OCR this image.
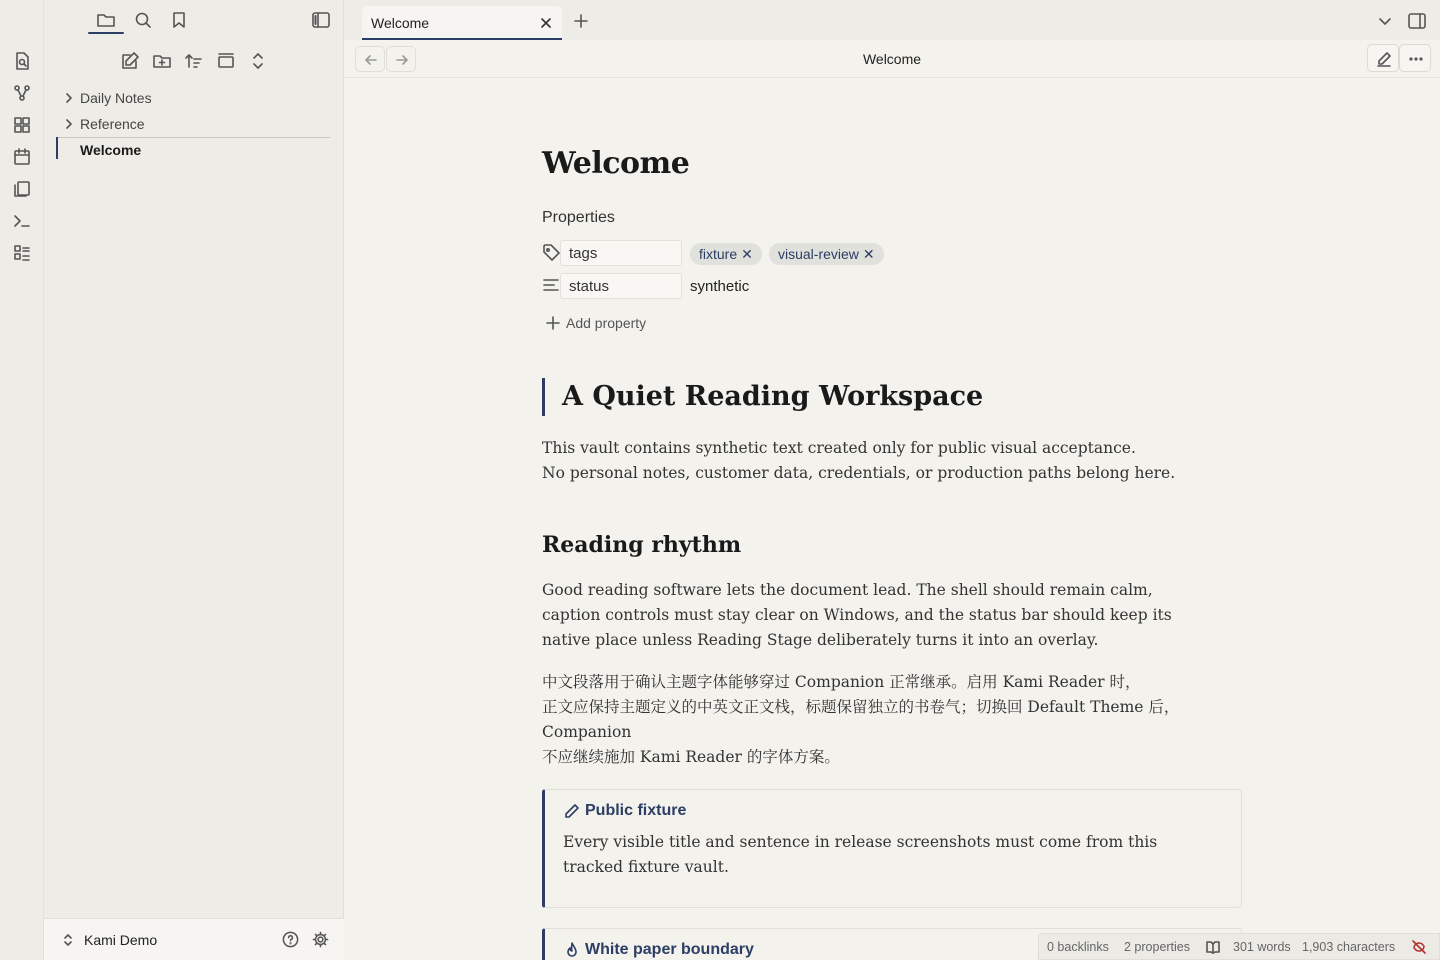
Daily Notes
Reference
Welcome
Kami Demo
Welcome
Welcome
Welcome
Properties
tags	fixture ✕	visual-review ✕
status	synthetic
Add property
A Quiet Reading Workspace
This vault contains synthetic text created only for public visual acceptance.
No personal notes, customer data, credentials, or production paths belong here.
Reading rhythm
Good reading software lets the document lead. The shell should remain calm,
caption controls must stay clear on Windows, and the status bar should keep its
native place unless Reading Stage deliberately turns it into an overlay.
中文段落用于确认主题字体能够穿过 Companion 正常继承。启用 Kami Reader 时，
正文应保持主题定义的中英文正文栈，标题保留独立的书卷气；切换回 Default Theme 后，
Companion
不应继续施加 Kami Reader 的字体方案。
Public fixture
Every visible title and sentence in release screenshots must come from this
tracked fixture vault.
White paper boundary	0 backlinks 2 properties	301 words 1,903 characters
